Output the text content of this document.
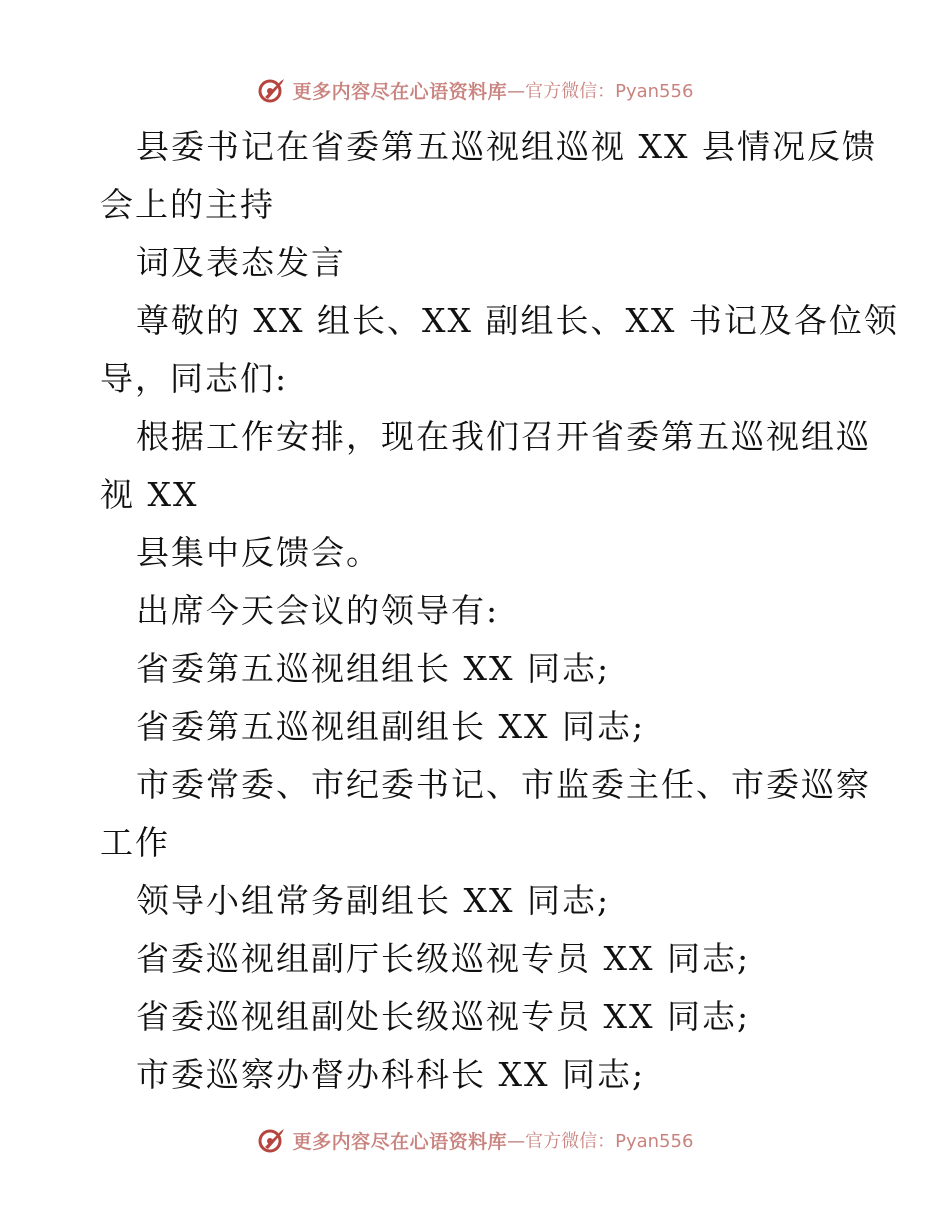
更多内容尽在心语资料库 —官方微信：Pyan556
县委书记在省委第五巡视组巡视 XX 县情况反馈
会上的主持
词及表态发言
尊敬的 XX 组长、XX 副组长、XX 书记及各位领
导，同志们:
根据工作安排，现在我们召开省委第五巡视组巡
视 XX
县集中反馈会。
出席今天会议的领导有:
省委第五巡视组组长 XX 同志;
省委第五巡视组副组长 XX 同志;
市委常委、市纪委书记、市监委主任、市委巡察
工作
领导小组常务副组长 XX 同志;
省委巡视组副厅长级巡视专员 XX 同志;
省委巡视组副处长级巡视专员 XX 同志;
市委巡察办督办科科长 XX 同志;
更多内容尽在心语资料库 —官方微信：Pyan556
